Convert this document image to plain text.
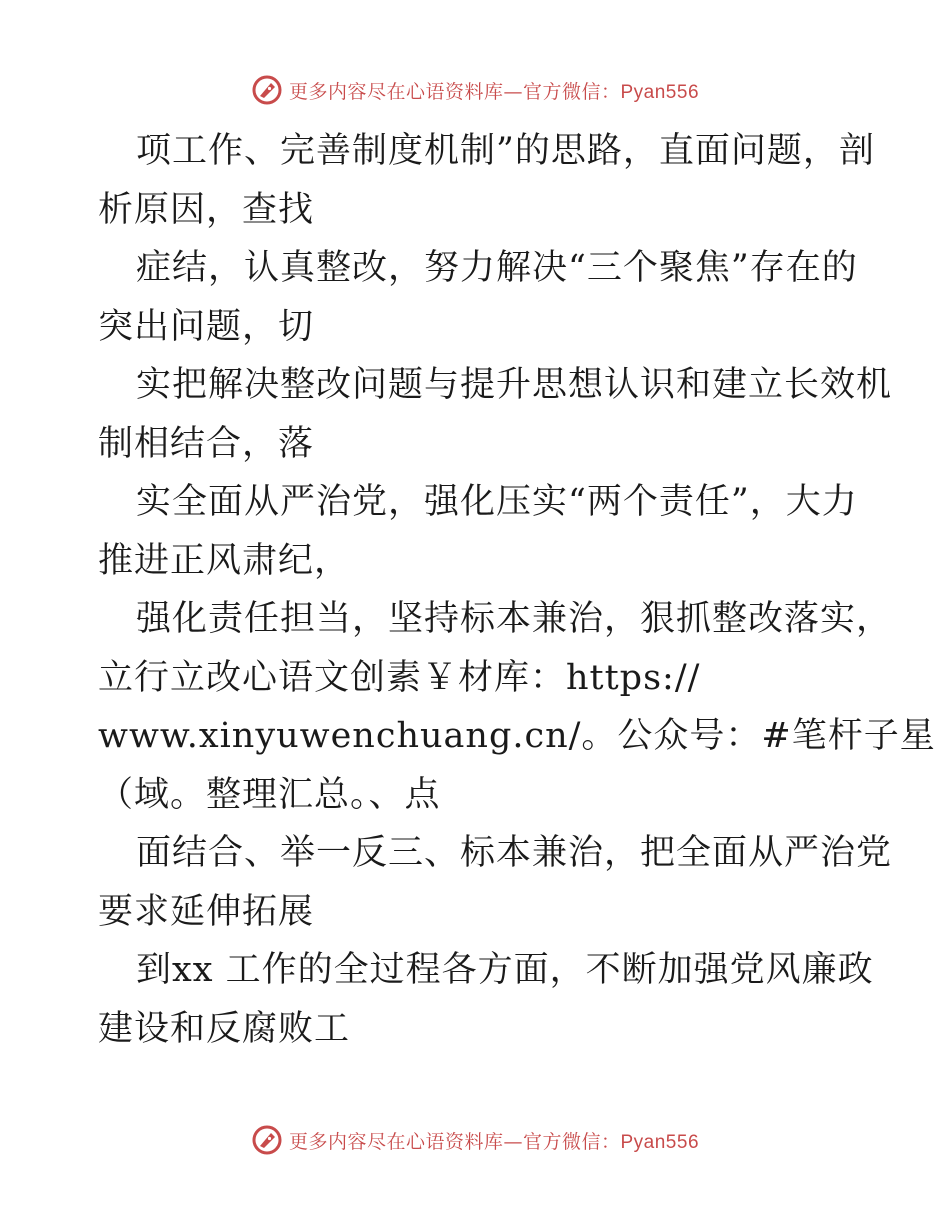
更多内容尽在心语资料库—官方微信：Pyan556
项工作、完善制度机制”的思路，直面问题，剖
析原因，查找
症结，认真整改，努力解决“三个聚焦”存在的
突出问题，切
实把解决整改问题与提升思想认识和建立长效机
制相结合，落
实全面从严治党，强化压实“两个责任”，大力
推进正风肃纪，
强化责任担当，坚持标本兼治，狠抓整改落实，
立行立改心语文创素￥材库：https://
www.xinyuwenchuang.cn/。公众号：#笔杆子星
（域。整理汇总。、点
面结合、举一反三、标本兼治，把全面从严治党
要求延伸拓展
到xx 工作的全过程各方面，不断加强党风廉政
建设和反腐败工
更多内容尽在心语资料库—官方微信：Pyan556
